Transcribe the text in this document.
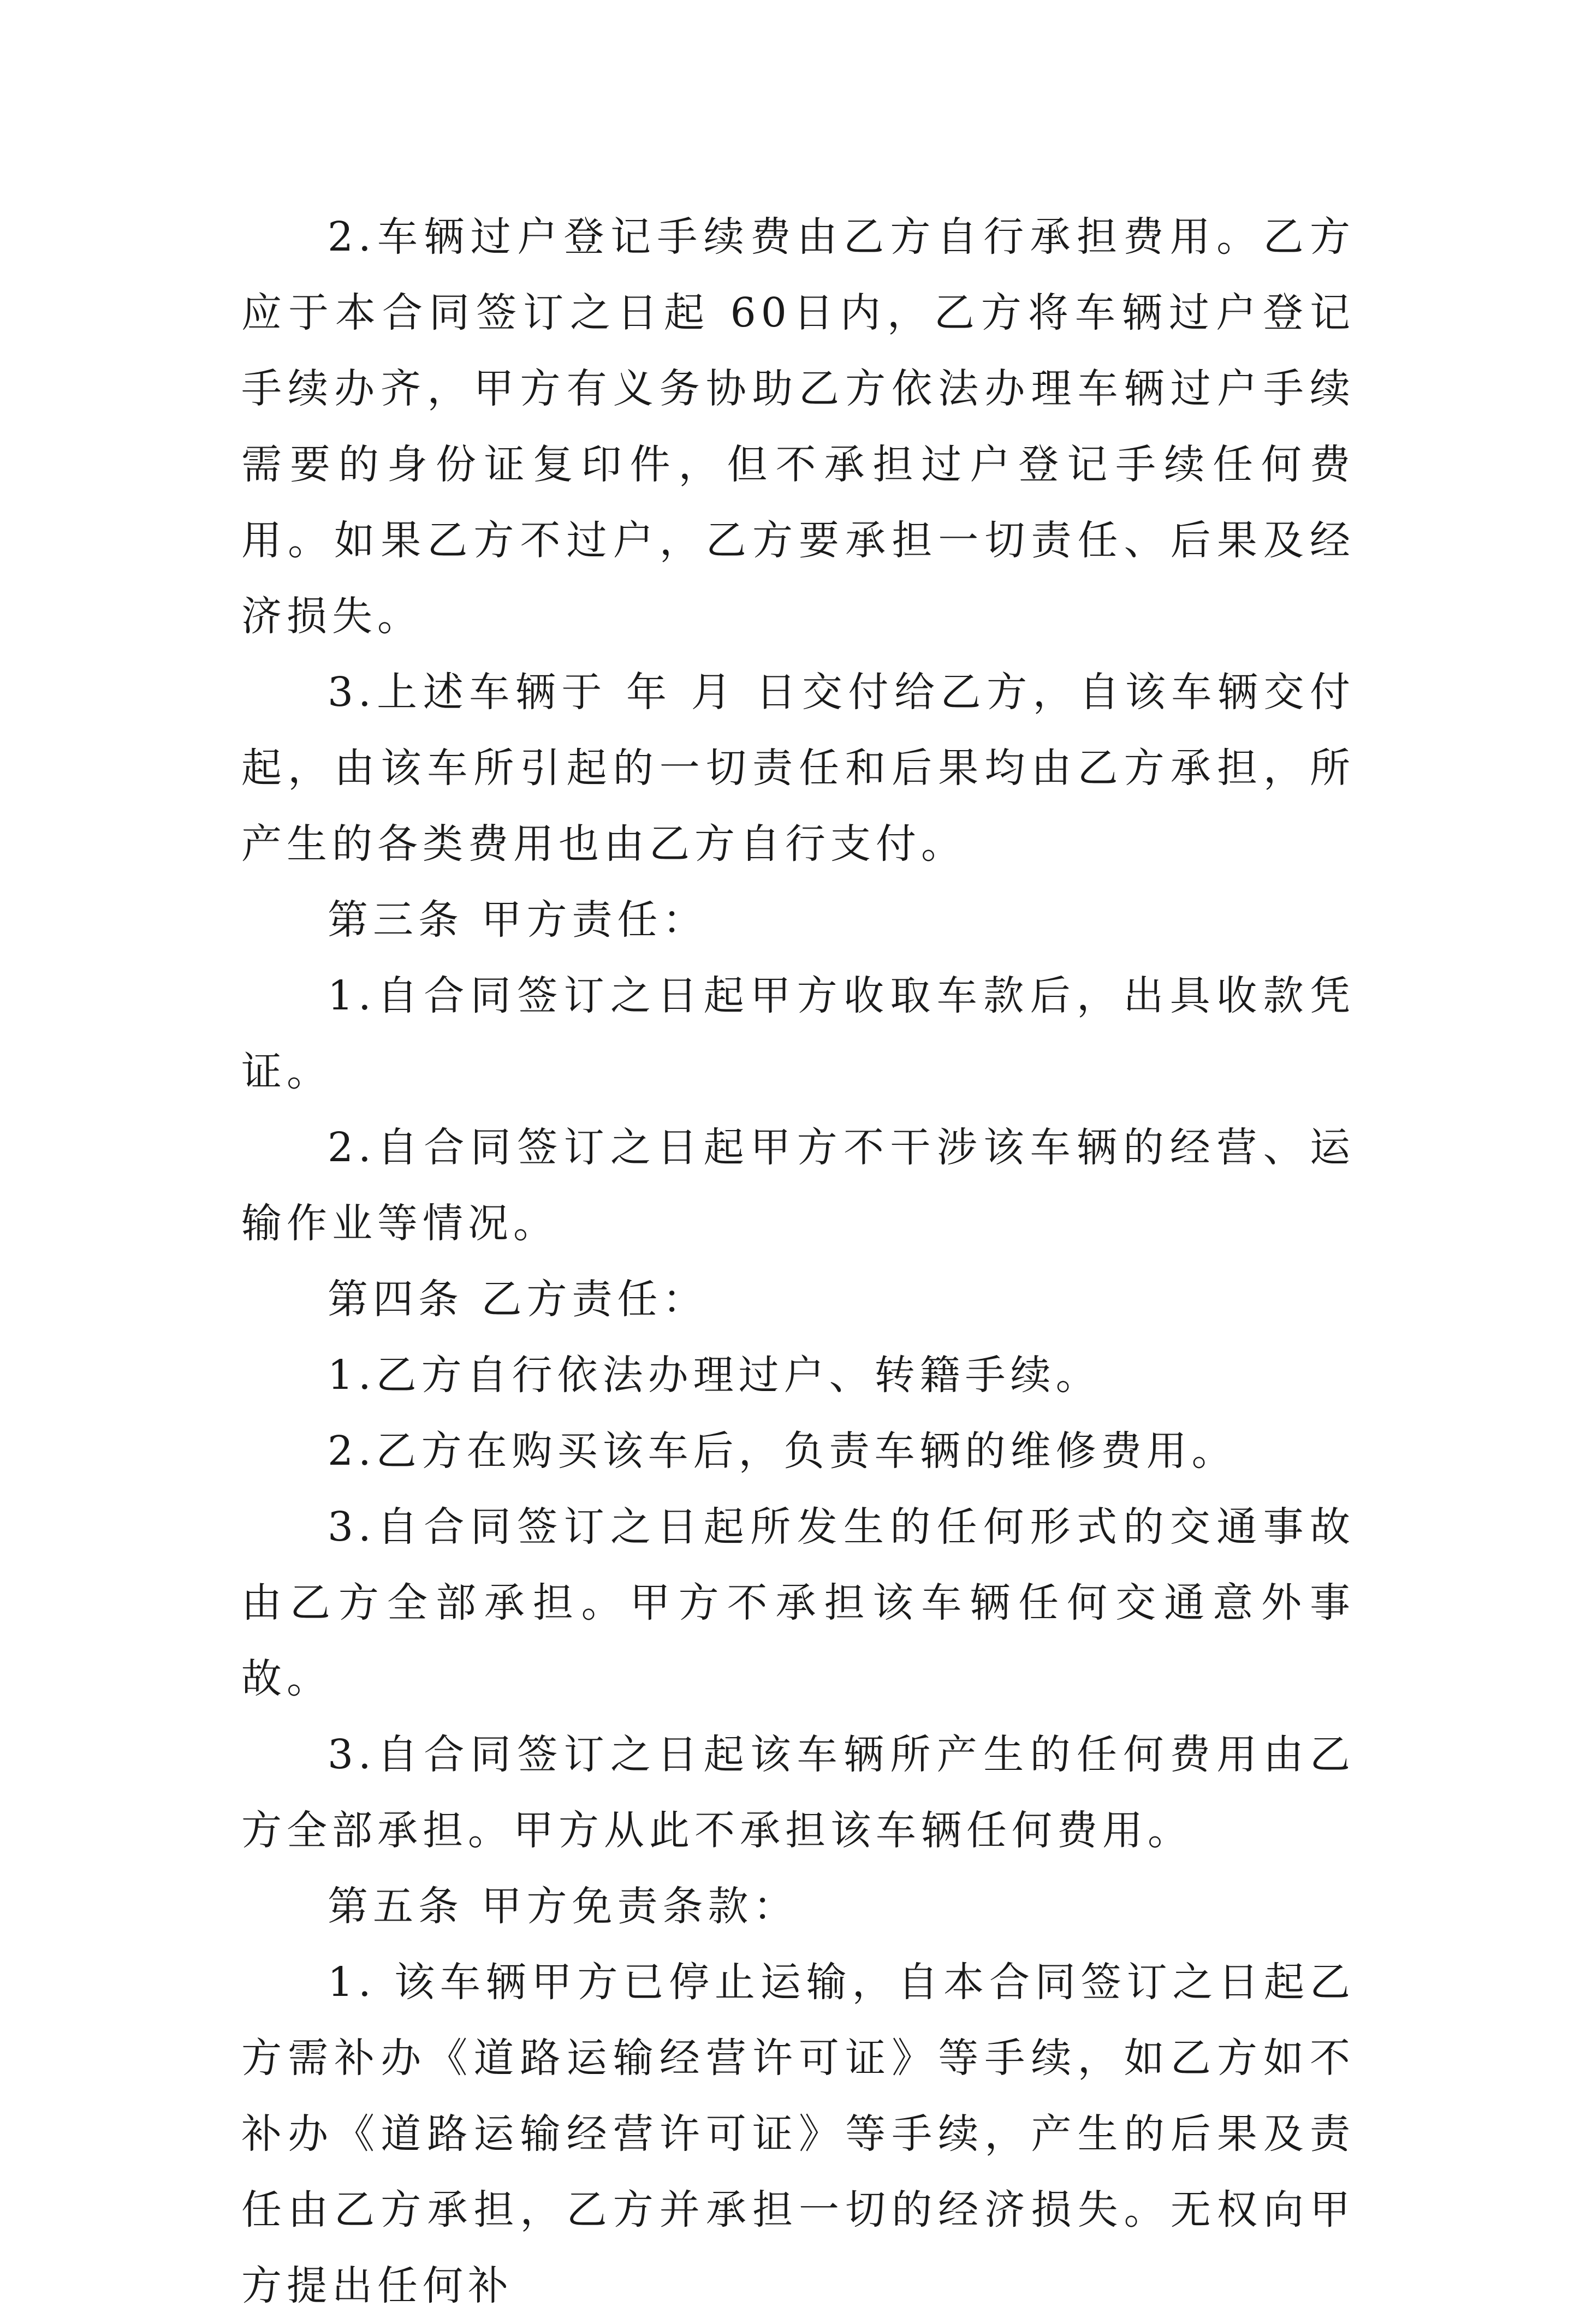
2.车辆过户登记手续费由乙方自行承担费用。乙方应于本合同签订之日起 60日内，乙方将车辆过户登记手续办齐，甲方有义务协助乙方依法办理车辆过户手续需要的身份证复印件，但不承担过户登记手续任何费用。如果乙方不过户，乙方要承担一切责任、后果及经济损失。

3.上述车辆于 年 月 日交付给乙方，自该车辆交付起，由该车所引起的一切责任和后果均由乙方承担，所产生的各类费用也由乙方自行支付。

第三条 甲方责任：

1.自合同签订之日起甲方收取车款后，出具收款凭证。

2.自合同签订之日起甲方不干涉该车辆的经营、运输作业等情况。

第四条 乙方责任：

1.乙方自行依法办理过户、转籍手续。

2.乙方在购买该车后，负责车辆的维修费用。

3.自合同签订之日起所发生的任何形式的交通事故由乙方全部承担。甲方不承担该车辆任何交通意外事故。

3.自合同签订之日起该车辆所产生的任何费用由乙方全部承担。甲方从此不承担该车辆任何费用。

第五条 甲方免责条款：

1. 该车辆甲方已停止运输，自本合同签订之日起乙方需补办《道路运输经营许可证》等手续，如乙方如不补办《道路运输经营许可证》等手续，产生的后果及责任由乙方承担，乙方并承担一切的经济损失。无权向甲方提出任何补
